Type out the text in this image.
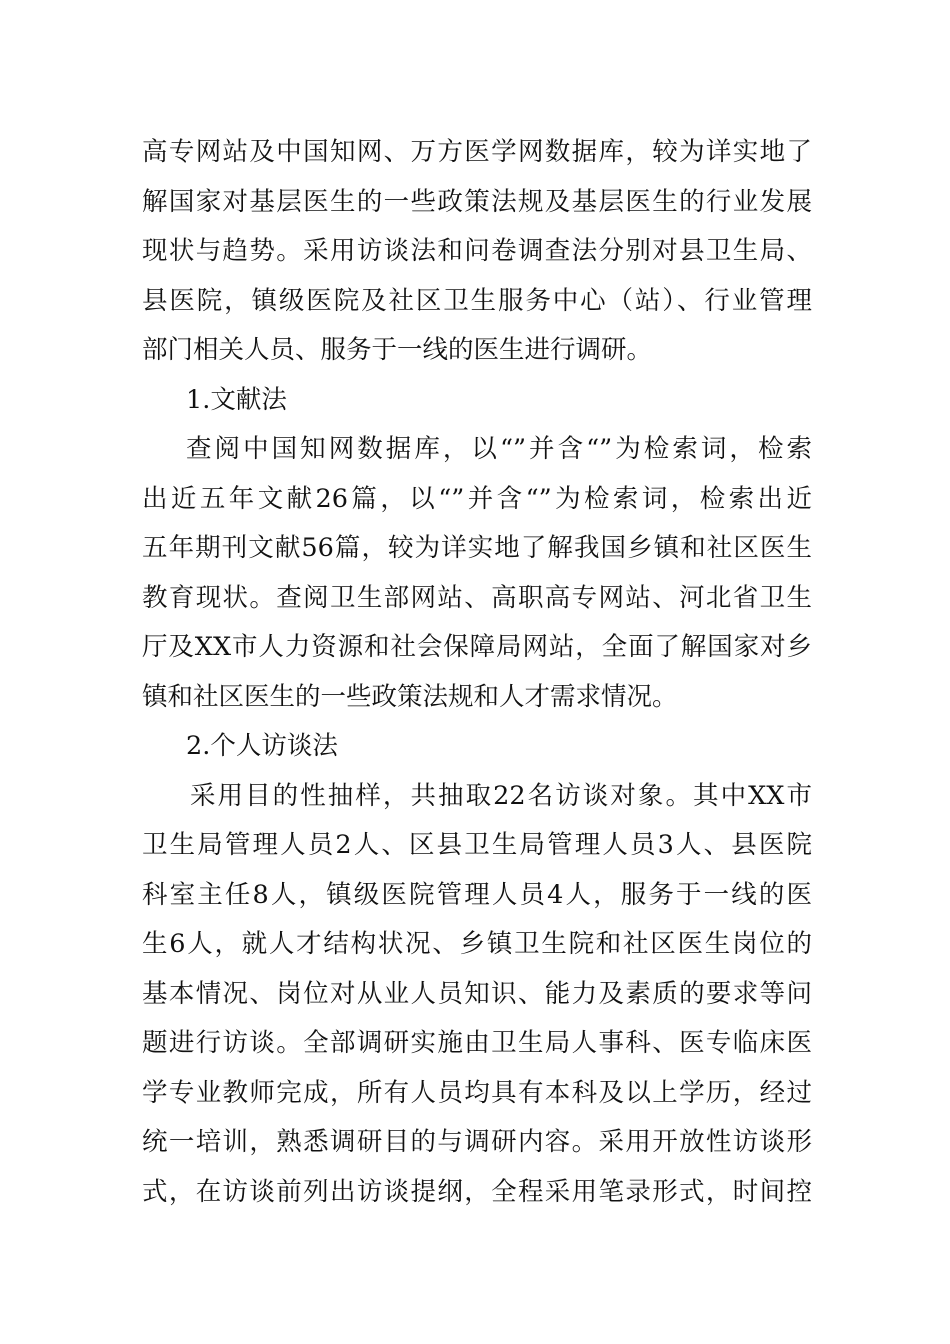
高专网站及中国知网、万方医学网数据库，较为详实地了
解国家对基层医生的一些政策法规及基层医生的行业发展
现状与趋势。采用访谈法和问卷调查法分别对县卫生局、
县医院，镇级医院及社区卫生服务中心（站）、行业管理
部门相关人员、服务于一线的医生进行调研。
1.文献法
查阅中国知网数据库，以“”并含“”为检索词，检索
出近五年文献26篇，以“”并含“”为检索词，检索出近
五年期刊文献56篇，较为详实地了解我国乡镇和社区医生
教育现状。查阅卫生部网站、高职高专网站、河北省卫生
厅及XX市人力资源和社会保障局网站，全面了解国家对乡
镇和社区医生的一些政策法规和人才需求情况。
2.个人访谈法
采用目的性抽样，共抽取22名访谈对象。其中XX市
卫生局管理人员2人、区县卫生局管理人员3人、县医院
科室主任8人，镇级医院管理人员4人，服务于一线的医
生6人，就人才结构状况、乡镇卫生院和社区医生岗位的
基本情况、岗位对从业人员知识、能力及素质的要求等问
题进行访谈。全部调研实施由卫生局人事科、医专临床医
学专业教师完成，所有人员均具有本科及以上学历，经过
统一培训，熟悉调研目的与调研内容。采用开放性访谈形
式，在访谈前列出访谈提纲，全程采用笔录形式，时间控
